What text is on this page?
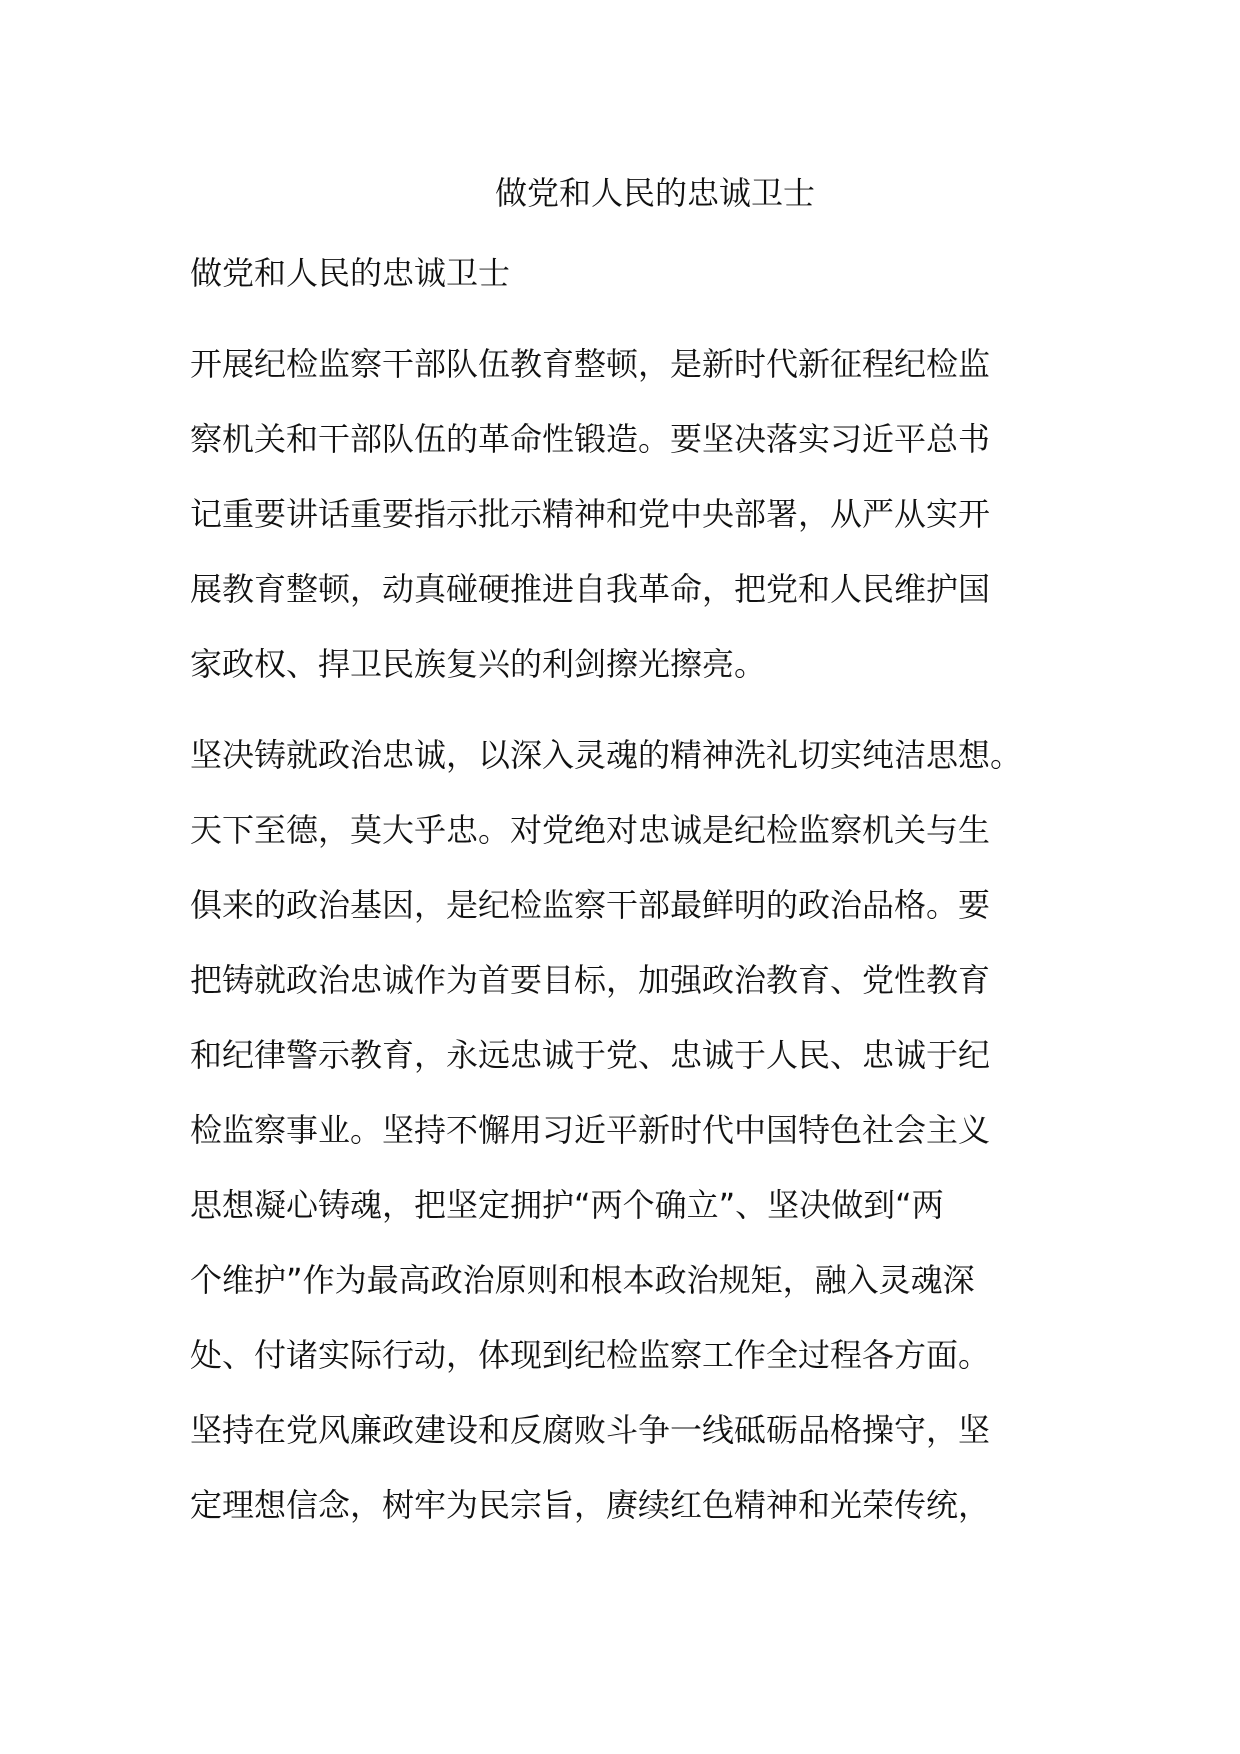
做党和人民的忠诚卫士
做党和人民的忠诚卫士
开展纪检监察干部队伍教育整顿，是新时代新征程纪检监
察机关和干部队伍的革命性锻造。要坚决落实习近平总书
记重要讲话重要指示批示精神和党中央部署，从严从实开
展教育整顿，动真碰硬推进自我革命，把党和人民维护国
家政权、捍卫民族复兴的利剑擦光擦亮。
坚决铸就政治忠诚，以深入灵魂的精神洗礼切实纯洁思想。
天下至德，莫大乎忠。对党绝对忠诚是纪检监察机关与生
俱来的政治基因，是纪检监察干部最鲜明的政治品格。要
把铸就政治忠诚作为首要目标，加强政治教育、党性教育
和纪律警示教育，永远忠诚于党、忠诚于人民、忠诚于纪
检监察事业。坚持不懈用习近平新时代中国特色社会主义
思想凝心铸魂，把坚定拥护“两个确立”、坚决做到“两
个维护”作为最高政治原则和根本政治规矩，融入灵魂深
处、付诸实际行动，体现到纪检监察工作全过程各方面。
坚持在党风廉政建设和反腐败斗争一线砥砺品格操守，坚
定理想信念，树牢为民宗旨，赓续红色精神和光荣传统，
